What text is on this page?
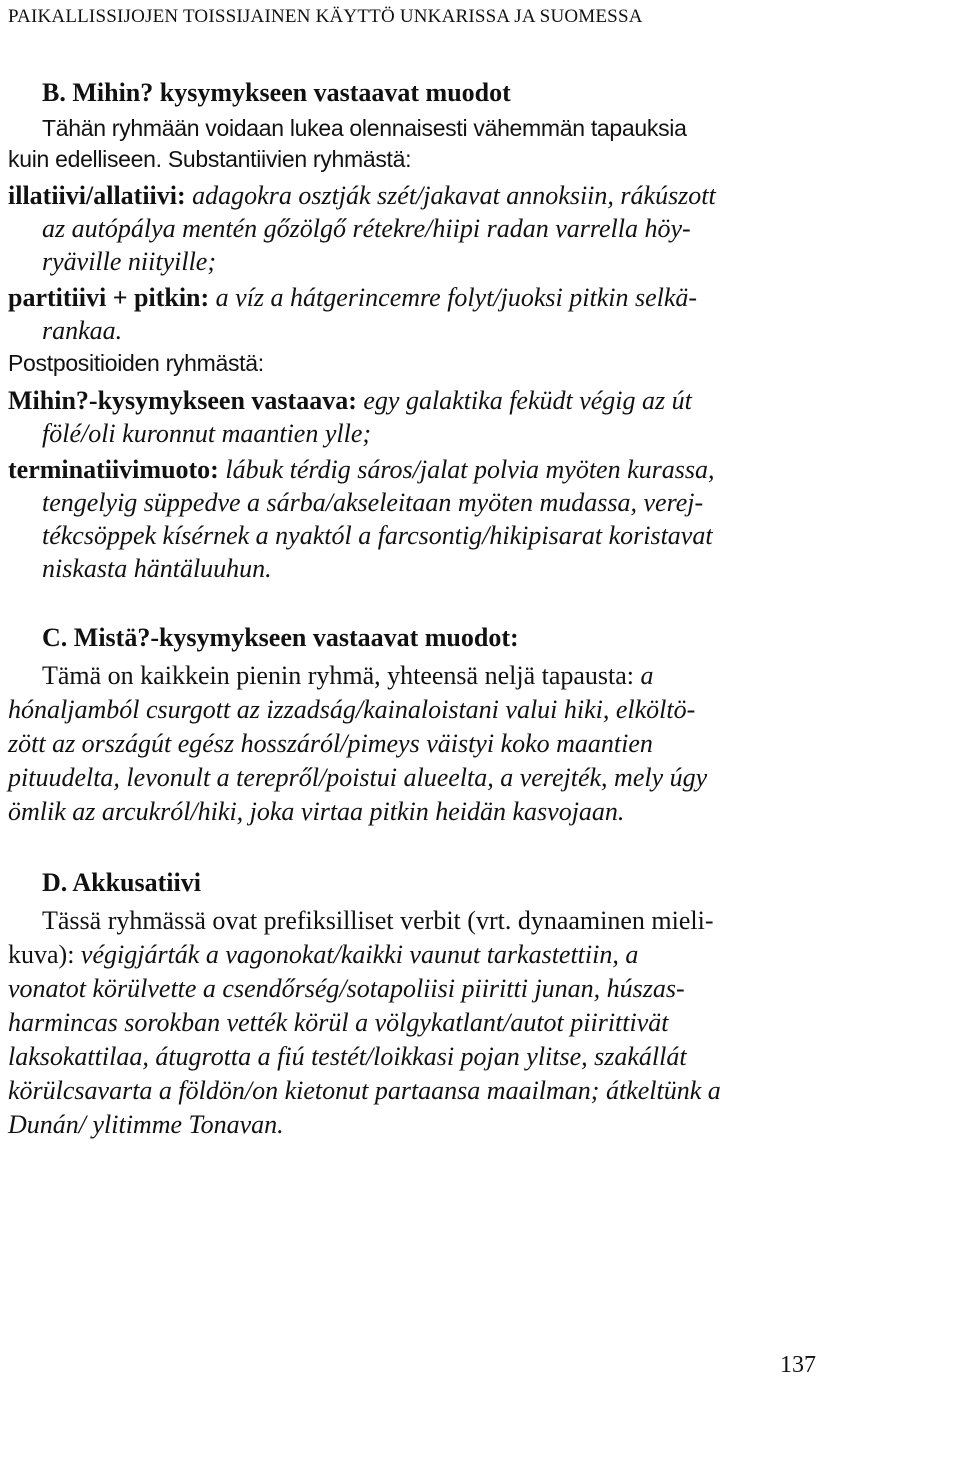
PAIKALLISSIJOJEN TOISSIJAINEN KÄYTTÖ UNKARISSA JA SUOMESSA
B. Mihin? kysymykseen vastaavat muodot
Tähän ryhmään voidaan lukea olennaisesti vähemmän tapauksia
kuin edelliseen. Substantiivien ryhmästä:
illatiivi/allatiivi: adagokra osztják szét/jakavat annoksiin, rákúszott
az autópálya mentén gőzölgő rétekre/hiipi radan varrella höy-
ryäville niityille;
partitiivi + pitkin: a víz a hátgerincemre folyt/juoksi pitkin selkä-
rankaa.
Postpositioiden ryhmästä:
Mihin?-kysymykseen vastaava: egy galaktika feküdt végig az út
fölé/oli kuronnut maantien ylle;
terminatiivimuoto: lábuk térdig sáros/jalat polvia myöten kurassa,
tengelyig süppedve a sárba/akseleitaan myöten mudassa, verej-
tékcsöppek kísérnek a nyaktól a farcsontig/hikipisarat koristavat
niskasta häntäluuhun.
C. Mistä?-kysymykseen vastaavat muodot:
Tämä on kaikkein pienin ryhmä, yhteensä neljä tapausta: a
hónaljamból csurgott az izzadság/kainaloistani valui hiki, elköltö-
zött az országút egész hosszáról/pimeys väistyi koko maantien
pituudelta, levonult a terepről/poistui alueelta, a verejték, mely úgy
ömlik az arcukról/hiki, joka virtaa pitkin heidän kasvojaan.
D. Akkusatiivi
Tässä ryhmässä ovat prefiksilliset verbit (vrt. dynaaminen mieli-
kuva): végigjárták a vagonokat/kaikki vaunut tarkastettiin, a
vonatot körülvette a csendőrség/sotapoliisi piiritti junan, húszas-
harmincas sorokban vették körül a völgykatlant/autot piirittivät
laksokattilaa, átugrotta a fiú testét/loikkasi pojan ylitse, szakállát
körülcsavarta a földön/on kietonut partaansa maailman; átkeltünk a
Dunán/ ylitimme Tonavan.
137
